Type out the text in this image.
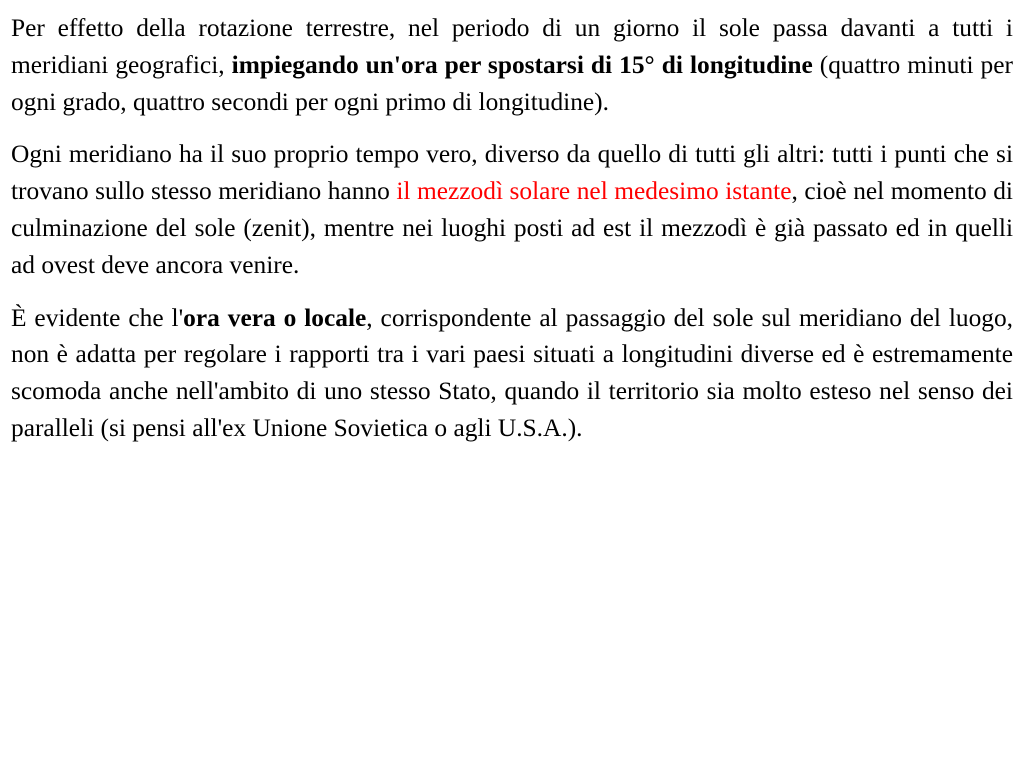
Per effetto della rotazione terrestre, nel periodo di un giorno il sole passa davanti a tutti i meridiani geografici, impiegando un'ora per spostarsi di 15° di longitudine (quattro minuti per ogni grado, quattro secondi per ogni primo di longitudine).

Ogni meridiano ha il suo proprio tempo vero, diverso da quello di tutti gli altri: tutti i punti che si trovano sullo stesso meridiano hanno il mezzodì solare nel medesimo istante, cioè nel momento di culminazione del sole (zenit), mentre nei luoghi posti ad est il mezzodì è già passato ed in quelli ad ovest deve ancora venire.

È evidente che l'ora vera o locale, corrispondente al passaggio del sole sul meridiano del luogo, non è adatta per regolare i rapporti tra i vari paesi situati a longitudini diverse ed è estremamente scomoda anche nell'ambito di uno stesso Stato, quando il territorio sia molto esteso nel senso dei paralleli (si pensi all'ex Unione Sovietica o agli U.S.A.).
